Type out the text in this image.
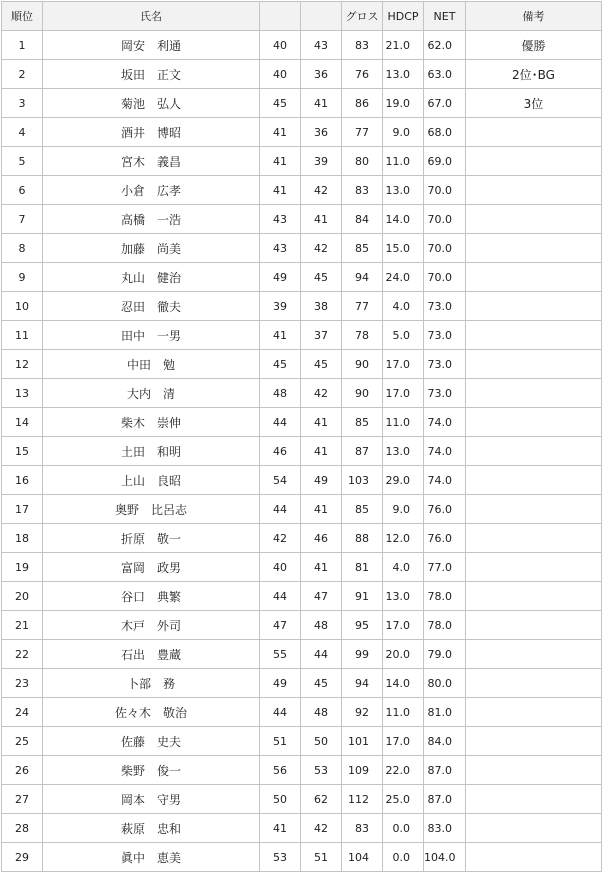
順位	氏名			グロス	HDCP	NET	備考
1	岡安　利通	40	43	83	21.0	62.0	優勝
2	坂田　正文	40	36	76	13.0	63.0	2位･BG
3	菊池　弘人	45	41	86	19.0	67.0	3位
4	酒井　博昭	41	36	77	9.0	68.0	
5	宮木　義昌	41	39	80	11.0	69.0	
6	小倉　広孝	41	42	83	13.0	70.0	
7	高橋　一浩	43	41	84	14.0	70.0	
8	加藤　尚美	43	42	85	15.0	70.0	
9	丸山　健治	49	45	94	24.0	70.0	
10	忍田　徹夫	39	38	77	4.0	73.0	
11	田中　一男	41	37	78	5.0	73.0	
12	中田　勉	45	45	90	17.0	73.0	
13	大内　清	48	42	90	17.0	73.0	
14	柴木　崇伸	44	41	85	11.0	74.0	
15	土田　和明	46	41	87	13.0	74.0	
16	上山　良昭	54	49	103	29.0	74.0	
17	奥野　比呂志	44	41	85	9.0	76.0	
18	折原　敬一	42	46	88	12.0	76.0	
19	富岡　政男	40	41	81	4.0	77.0	
20	谷口　典繁	44	47	91	13.0	78.0	
21	木戸　外司	47	48	95	17.0	78.0	
22	石出　豊蔵	55	44	99	20.0	79.0	
23	卜部　務	49	45	94	14.0	80.0	
24	佐々木　敬治	44	48	92	11.0	81.0	
25	佐藤　史夫	51	50	101	17.0	84.0	
26	柴野　俊一	56	53	109	22.0	87.0	
27	岡本　守男	50	62	112	25.0	87.0	
28	萩原　忠和	41	42	83	0.0	83.0	
29	眞中　恵美	53	51	104	0.0	104.0	
